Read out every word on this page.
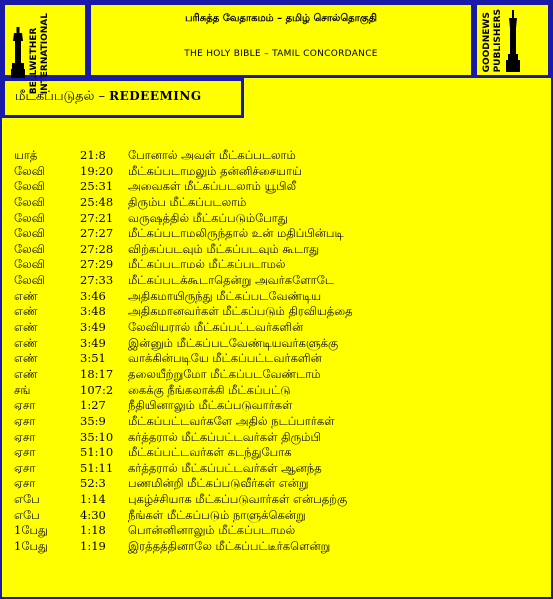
BELLWETHER
INTERNATIONAL	பரிசுத்த வேதாகமம் – தமிழ் சொல்தொகுதி
THE HOLY BIBLE – TAMIL CONCORDANCE	GOODNEWS
PUBLISHERS
மீட்கப்படுதல் – REDEEMING
யாத்	21:8 போனால் அவள் மீட்கப்படலாம்
லேவி	19:20 மீட்கப்படாமலும் தன்னிச்சையாய்
லேவி	25:31 அவைகள் மீட்கப்படலாம் யூபிலீ
லேவி	25:48 திரும்ப மீட்கப்படலாம்
லேவி	27:21 வருஷத்தில் மீட்கப்படும்போது
லேவி	27:27 மீட்கப்படாமலிருந்தால் உன் மதிப்பின்படி
லேவி	27:28 விற்கப்படவும் மீட்கப்படவும் கூடாது
லேவி	27:29 மீட்கப்படாமல் மீட்கப்படாமல்
லேவி	27:33 மீட்கப்படக்கூடாதென்று அவர்களோடே
எண்	3:46 அதிகமாயிருந்து மீட்கப்படவேண்டிய
எண்	3:48 அதிகமானவர்கள் மீட்கப்படும் திரவியத்தை
எண்	3:49 லேவியரால் மீட்கப்பட்டவர்களின்
எண்	3:49 இன்னும் மீட்கப்படவேண்டியவர்களுக்கு
எண்	3:51 வாக்கின்படியே மீட்கப்பட்டவர்களின்
எண்	18:17 தலையீற்றுமோ மீட்கப்படவேண்டாம்
சங்	107:2 கைக்கு நீங்கலாக்கி மீட்கப்பட்டு
ஏசா	1:27 நீதியினாலும் மீட்கப்படுவார்கள்
ஏசா	35:9 மீட்கப்பட்டவர்களே அதில் நடப்பார்கள்
ஏசா	35:10 கர்த்தரால் மீட்கப்பட்டவர்கள் திரும்பி
ஏசா	51:10 மீட்கப்பட்டவர்கள் கடந்துபோக
ஏசா	51:11 கர்த்தரால் மீட்கப்பட்டவர்கள் ஆனந்த
ஏசா	52:3 பணமின்றி மீட்கப்படுவீர்கள் என்று
எபே	1:14 புகழ்ச்சியாக மீட்கப்படுவார்கள் என்பதற்கு
எபே	4:30 நீங்கள் மீட்கப்படும் நாளுக்கென்று
1பேது	1:18 பொன்னினாலும் மீட்கப்படாமல்
1பேது	1:19 இரத்தத்தினாலே மீட்கப்பட்டீர்களென்று
